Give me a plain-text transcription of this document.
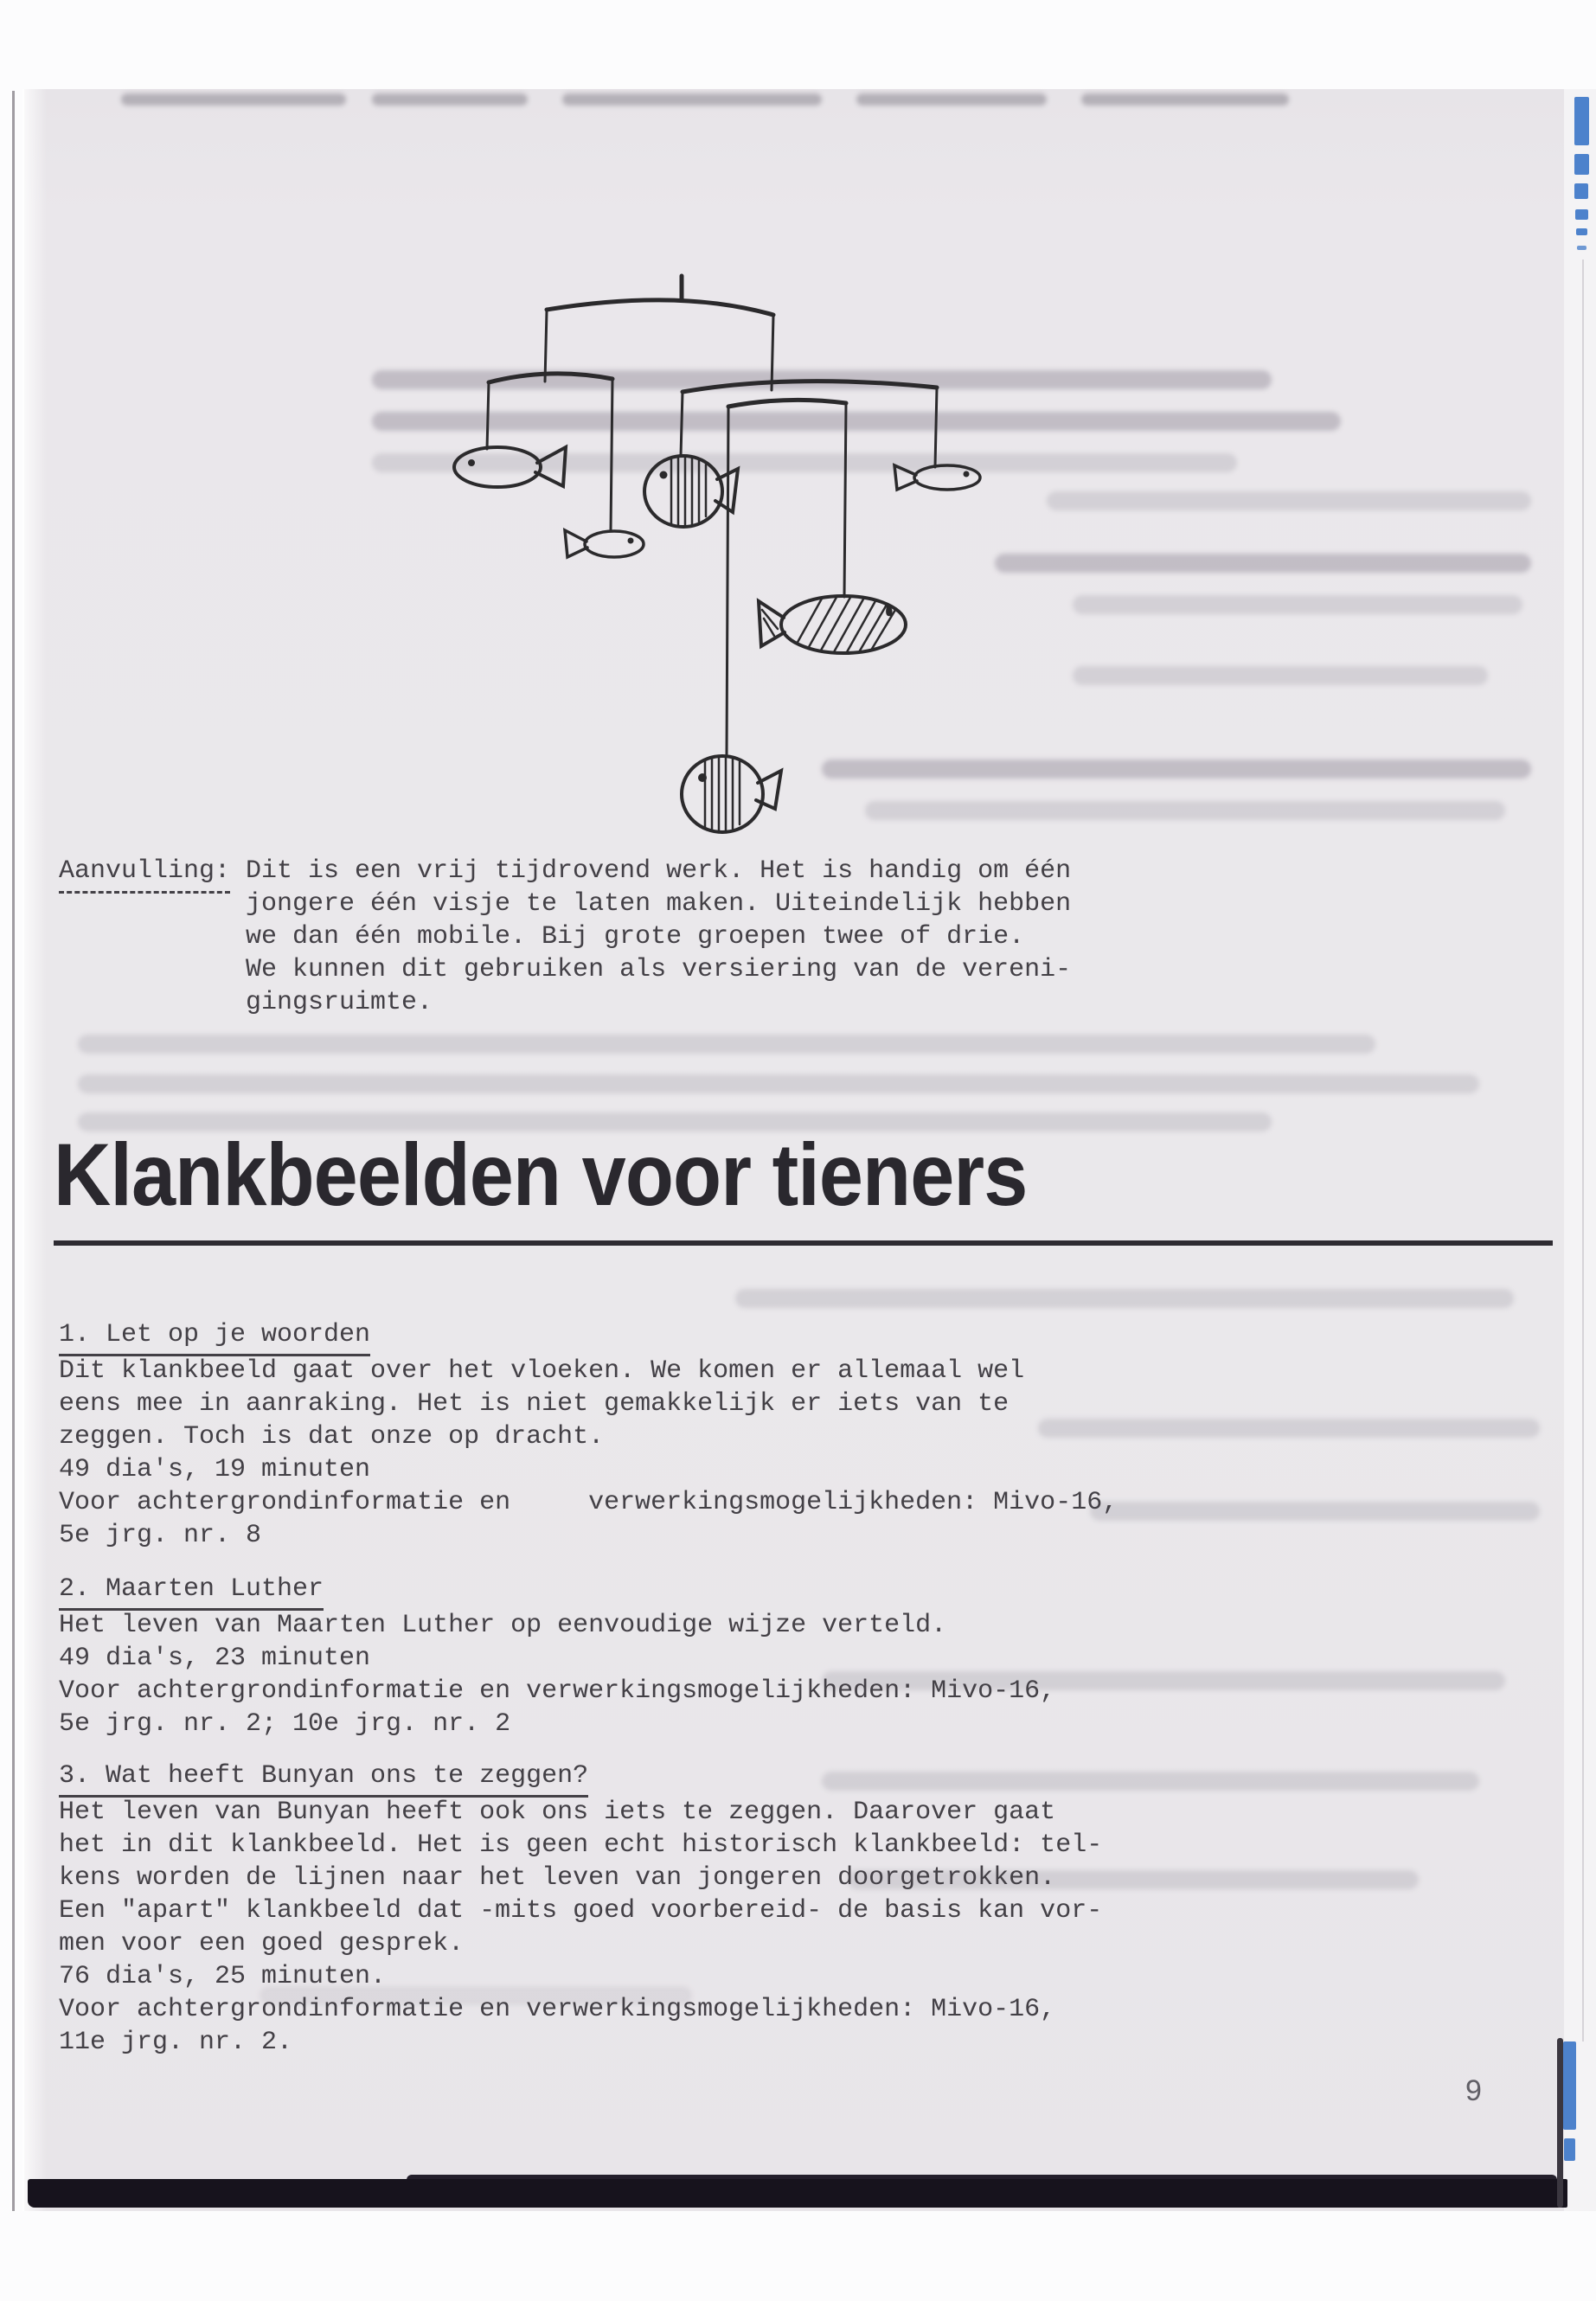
Aanvulling: Dit is een vrij tijdrovend werk. Het is handig om één
jongere één visje te laten maken. Uiteindelijk hebben
we dan één mobile. Bij grote groepen twee of drie.
We kunnen dit gebruiken als versiering van de vereni-
gingsruimte.
Klankbeelden voor tieners
1. Let op je woorden
Dit klankbeeld gaat over het vloeken. We komen er allemaal wel
eens mee in aanraking. Het is niet gemakkelijk er iets van te
zeggen. Toch is dat onze op dracht.
49 dia's, 19 minuten
Voor achtergrondinformatie en     verwerkingsmogelijkheden: Mivo-16,
5e jrg. nr. 8
2. Maarten Luther
Het leven van Maarten Luther op eenvoudige wijze verteld.
49 dia's, 23 minuten
Voor achtergrondinformatie en verwerkingsmogelijkheden: Mivo-16,
5e jrg. nr. 2; 10e jrg. nr. 2
3. Wat heeft Bunyan ons te zeggen?
Het leven van Bunyan heeft ook ons iets te zeggen. Daarover gaat
het in dit klankbeeld. Het is geen echt historisch klankbeeld: tel-
kens worden de lijnen naar het leven van jongeren doorgetrokken.
Een "apart" klankbeeld dat -mits goed voorbereid- de basis kan vor-
men voor een goed gesprek.
76 dia's, 25 minuten.
Voor achtergrondinformatie en verwerkingsmogelijkheden: Mivo-16,
11e jrg. nr. 2.
9
